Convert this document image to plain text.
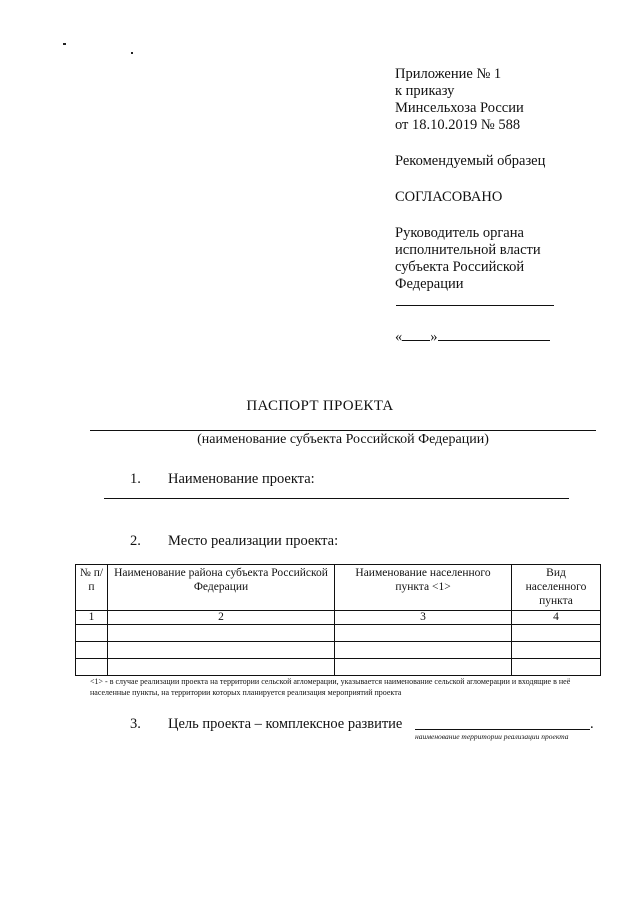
Приложение № 1
к приказу
Минсельхоза России
от 18.10.2019 № 588
Рекомендуемый образец
СОГЛАСОВАНО
Руководитель органа
исполнительной власти
субъекта Российской
Федерации
« »
ПАСПОРТ ПРОЕКТА
(наименование субъекта Российской Федерации)
1. Наименование проекта:
2. Место реализации проекта:
№ п/п	Наименование района субъекта Российской Федерации	Наименование населенного пункта <1>	Вид населенного пункта
1	2	3	4

<1> - в случае реализации проекта на территории сельской агломерации, указывается наименование сельской агломерации и входящие в неё населенные пункты, на территории которых планируется реализация мероприятий проекта
3. Цель проекта – комплексное развитие	.
наименование территории реализации проекта
